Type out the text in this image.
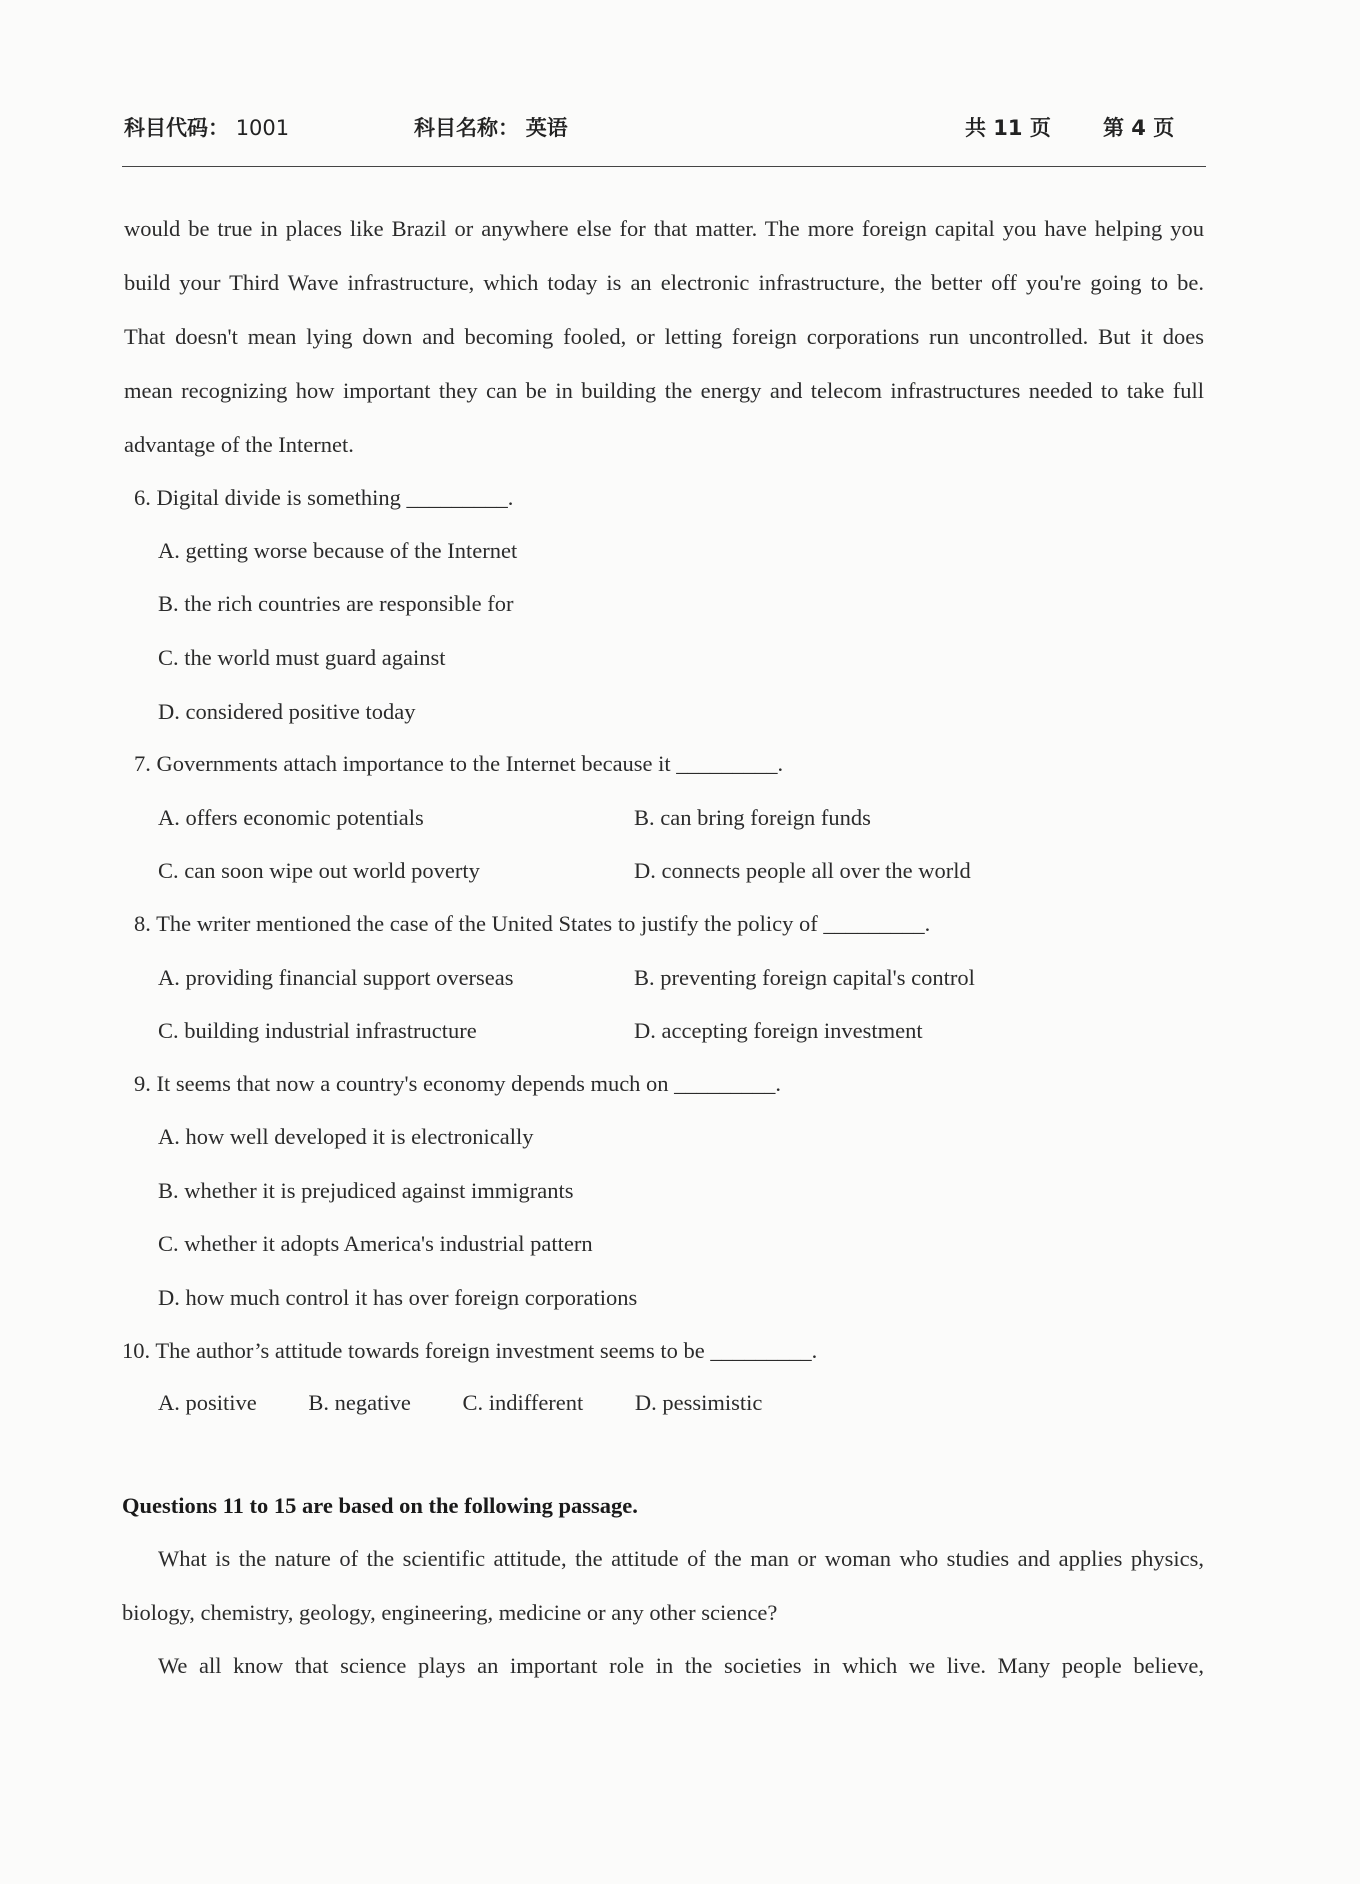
科目代码： 1001	科目名称： 英语	共 11 页 第 4 页
would be true in places like Brazil or anywhere else for that matter. The more foreign capital you have helping you
build your Third Wave infrastructure, which today is an electronic infrastructure, the better off you're going to be.
That doesn't mean lying down and becoming fooled, or letting foreign corporations run uncontrolled. But it does
mean recognizing how important they can be in building the energy and telecom infrastructures needed to take full
advantage of the Internet.
6. Digital divide is something _________.
A. getting worse because of the Internet
B. the rich countries are responsible for
C. the world must guard against
D. considered positive today
7. Governments attach importance to the Internet because it _________.
A. offers economic potentials	B. can bring foreign funds
C. can soon wipe out world poverty	D. connects people all over the world
8. The writer mentioned the case of the United States to justify the policy of _________.
A. providing financial support overseas	B. preventing foreign capital's control
C. building industrial infrastructure	D. accepting foreign investment
9. It seems that now a country's economy depends much on _________.
A. how well developed it is electronically
B. whether it is prejudiced against immigrants
C. whether it adopts America's industrial pattern
D. how much control it has over foreign corporations
10. The author’s attitude towards foreign investment seems to be _________.
A. positive B. negative C. indifferent D. pessimistic
Questions 11 to 15 are based on the following passage.
What is the nature of the scientific attitude, the attitude of the man or woman who studies and applies physics,
biology, chemistry, geology, engineering, medicine or any other science?
We all know that science plays an important role in the societies in which we live. Many people believe,
